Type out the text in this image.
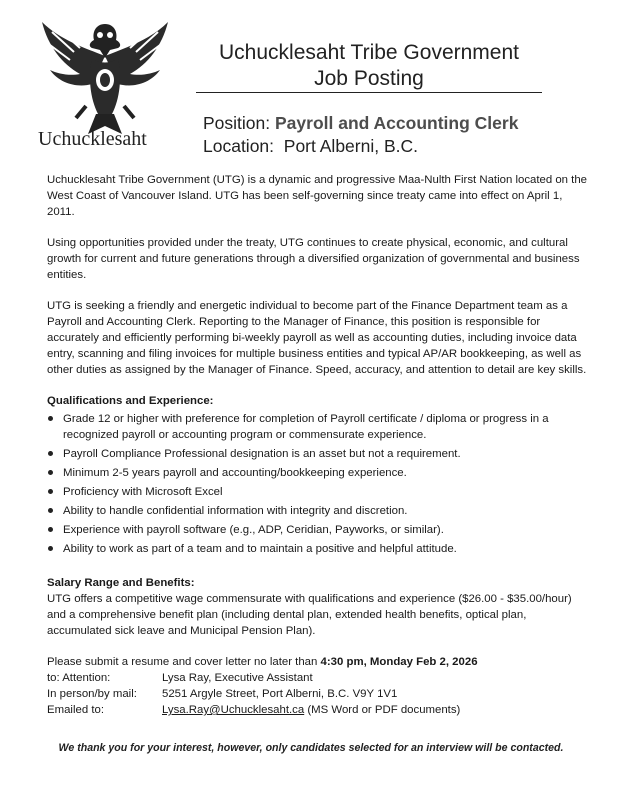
Uchucklesaht
Uchucklesaht Tribe Government
Job Posting
Position: Payroll and Accounting Clerk
Location: Port Alberni, B.C.

Uchucklesaht Tribe Government (UTG) is a dynamic and progressive Maa-Nulth First Nation located on the West Coast of Vancouver Island. UTG has been self-governing since treaty came into effect on April 1, 2011.

Using opportunities provided under the treaty, UTG continues to create physical, economic, and cultural growth for current and future generations through a diversified organization of governmental and business entities.

UTG is seeking a friendly and energetic individual to become part of the Finance Department team as a Payroll and Accounting Clerk. Reporting to the Manager of Finance, this position is responsible for accurately and efficiently performing bi-weekly payroll as well as accounting duties, including invoice data entry, scanning and filing invoices for multiple business entities and typical AP/AR bookkeeping, as well as other duties as assigned by the Manager of Finance. Speed, accuracy, and attention to detail are key skills.

Qualifications and Experience:
Grade 12 or higher with preference for completion of Payroll certificate / diploma or progress in a recognized payroll or accounting program or commensurate experience.
Payroll Compliance Professional designation is an asset but not a requirement.
Minimum 2-5 years payroll and accounting/bookkeeping experience.
Proficiency with Microsoft Excel
Ability to handle confidential information with integrity and discretion.
Experience with payroll software (e.g., ADP, Ceridian, Payworks, or similar).
Ability to work as part of a team and to maintain a positive and helpful attitude.
Salary Range and Benefits:

UTG offers a competitive wage commensurate with qualifications and experience ($26.00 - $35.00/hour) and a comprehensive benefit plan (including dental plan, extended health benefits, optical plan, accumulated sick leave and Municipal Pension Plan).

Please submit a resume and cover letter no later than 4:30 pm, Monday Feb 2, 2026
to: Attention:	Lysa Ray, Executive Assistant
In person/by mail:	5251 Argyle Street, Port Alberni, B.C. V9Y 1V1
Emailed to:	Lysa.Ray@Uchucklesaht.ca (MS Word or PDF documents)
We thank you for your interest, however, only candidates selected for an interview will be contacted.
